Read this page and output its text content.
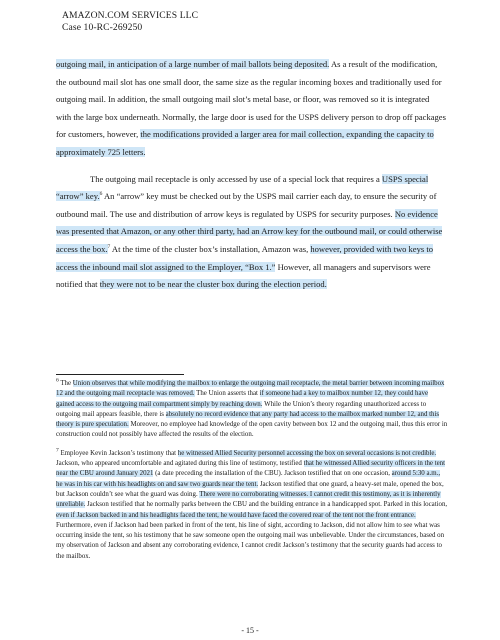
AMAZON.COM SERVICES LLC
Case 10-RC-269250

outgoing mail, in anticipation of a large number of mail ballots being deposited. As a result of the modification, the outbound mail slot has one small door, the same size as the regular incoming boxes and traditionally used for outgoing mail. In addition, the small outgoing mail slot’s metal base, or floor, was removed so it is integrated with the large box underneath. Normally, the large door is used for the USPS delivery person to drop off packages for customers, however, the modifications provided a larger area for mail collection, expanding the capacity to approximately 725 letters.

The outgoing mail receptacle is only accessed by use of a special lock that requires a USPS special “arrow” key.$^6$ An “arrow” key must be checked out by the USPS mail carrier each day, to ensure the security of outbound mail. The use and distribution of arrow keys is regulated by USPS for security purposes. No evidence was presented that Amazon, or any other third party, had an Arrow key for the outbound mail, or could otherwise access the box.$^7$ At the time of the cluster box’s installation, Amazon was, however, provided with two keys to access the inbound mail slot assigned to the Employer, “Box 1.” However, all managers and supervisors were notified that they were not to be near the cluster box during the election period.

$^6$ The Union observes that while modifying the mailbox to enlarge the outgoing mail receptacle, the metal barrier between incoming mailbox 12 and the outgoing mail receptacle was removed. The Union asserts that if someone had a key to mailbox number 12, they could have gained access to the outgoing mail compartment simply by reaching down. While the Union’s theory regarding unauthorized access to outgoing mail appears feasible, there is absolutely no record evidence that any party had access to the mailbox marked number 12, and this theory is pure speculation. Moreover, no employee had knowledge of the open cavity between box 12 and the outgoing mail, thus this error in construction could not possibly have affected the results of the election.

$^7$ Employee Kevin Jackson’s testimony that he witnessed Allied Security personnel accessing the box on several occasions is not credible. Jackson, who appeared uncomfortable and agitated during this line of testimony, testified that he witnessed Allied security officers in the tent near the CBU around January 2021 (a date preceding the installation of the CBU). Jackson testified that on one occasion, around 5:30 a.m., he was in his car with his headlights on and saw two guards near the tent. Jackson testified that one guard, a heavy-set male, opened the box, but Jackson couldn’t see what the guard was doing. There were no corroborating witnesses. I cannot credit this testimony, as it is inherently unreliable. Jackson testified that he normally parks between the CBU and the building entrance in a handicapped spot. Parked in this location, even if Jackson backed in and his headlights faced the tent, he would have faced the covered rear of the tent not the front entrance. Furthermore, even if Jackson had been parked in front of the tent, his line of sight, according to Jackson, did not allow him to see what was occurring inside the tent, so his testimony that he saw someone open the outgoing mail was unbelievable. Under the circumstances, based on my observation of Jackson and absent any corroborating evidence, I cannot credit Jackson’s testimony that the security guards had access to the mailbox.

- 15 -
